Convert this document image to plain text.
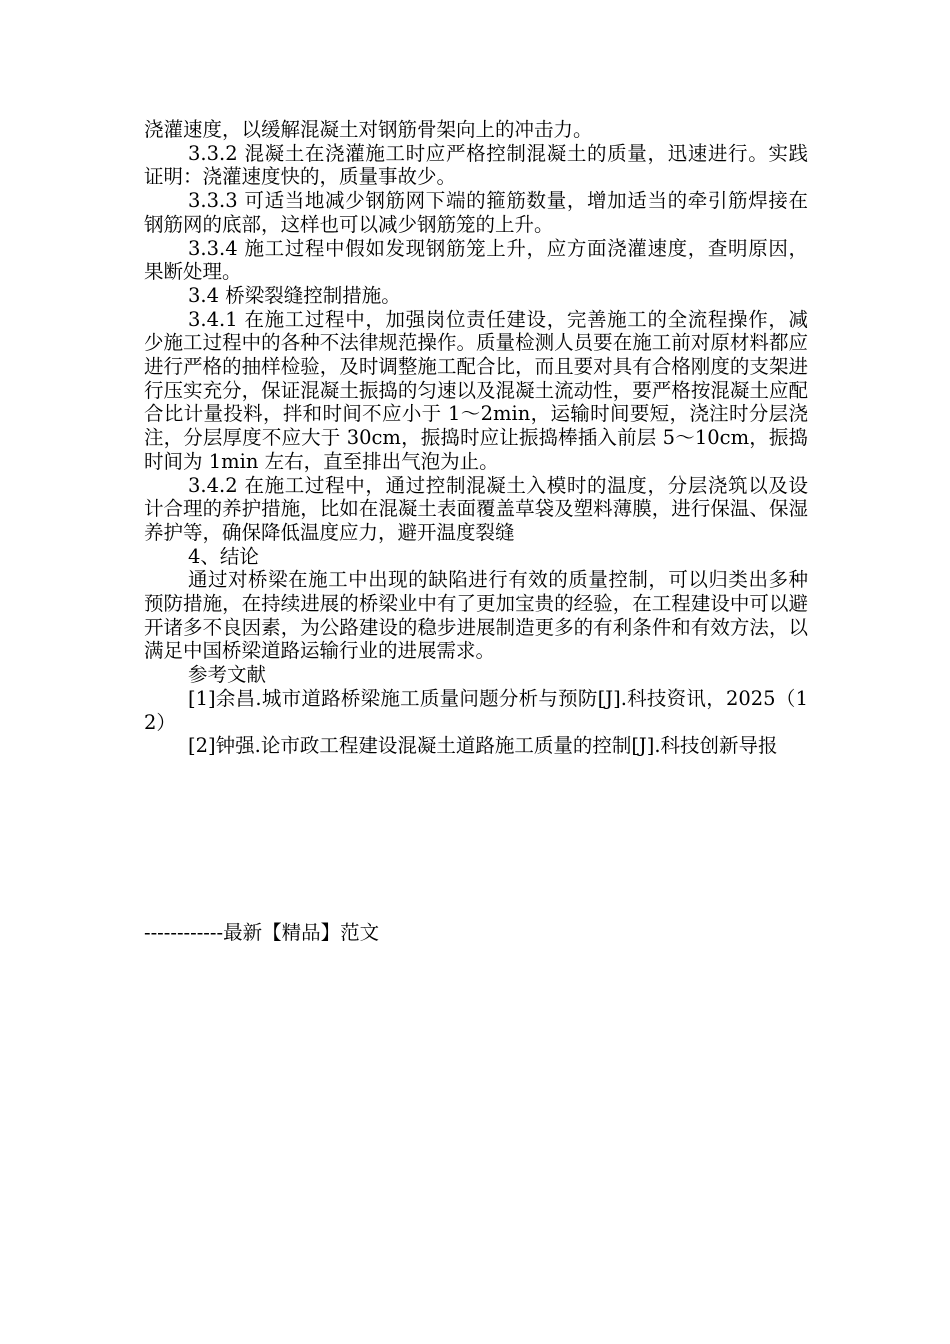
浇灌速度，以缓解混凝土对钢筋骨架向上的冲击力。

3.3.2 混凝土在浇灌施工时应严格控制混凝土的质量，迅速进行。实践证明：浇灌速度快的，质量事故少。

3.3.3 可适当地减少钢筋网下端的箍筋数量，增加适当的牵引筋焊接在钢筋网的底部，这样也可以减少钢筋笼的上升。

3.3.4 施工过程中假如发现钢筋笼上升，应方面浇灌速度，查明原因，果断处理。

3.4 桥梁裂缝控制措施。

3.4.1 在施工过程中，加强岗位责任建设，完善施工的全流程操作，减少施工过程中的各种不法律规范操作。质量检测人员要在施工前对原材料都应进行严格的抽样检验，及时调整施工配合比，而且要对具有合格刚度的支架进行压实充分，保证混凝土振捣的匀速以及混凝土流动性，要严格按混凝土应配合比计量投料，拌和时间不应小于 1～2min，运输时间要短，浇注时分层浇注，分层厚度不应大于 30cm，振捣时应让振捣棒插入前层 5～10cm，振捣时间为 1min 左右，直至排出气泡为止。

3.4.2 在施工过程中，通过控制混凝土入模时的温度，分层浇筑以及设计合理的养护措施，比如在混凝土表面覆盖草袋及塑料薄膜，进行保温、保湿养护等，确保降低温度应力，避开温度裂缝

4、结论

通过对桥梁在施工中出现的缺陷进行有效的质量控制，可以归类出多种预防措施，在持续进展的桥梁业中有了更加宝贵的经验，在工程建设中可以避开诸多不良因素，为公路建设的稳步进展制造更多的有利条件和有效方法，以满足中国桥梁道路运输行业的进展需求。

参考文献

[1]余昌.城市道路桥梁施工质量问题分析与预防[J].科技资讯，2025（12）

[2]钟强.论市政工程建设混凝土道路施工质量的控制[J].科技创新导报

------------最新【精品】范文
